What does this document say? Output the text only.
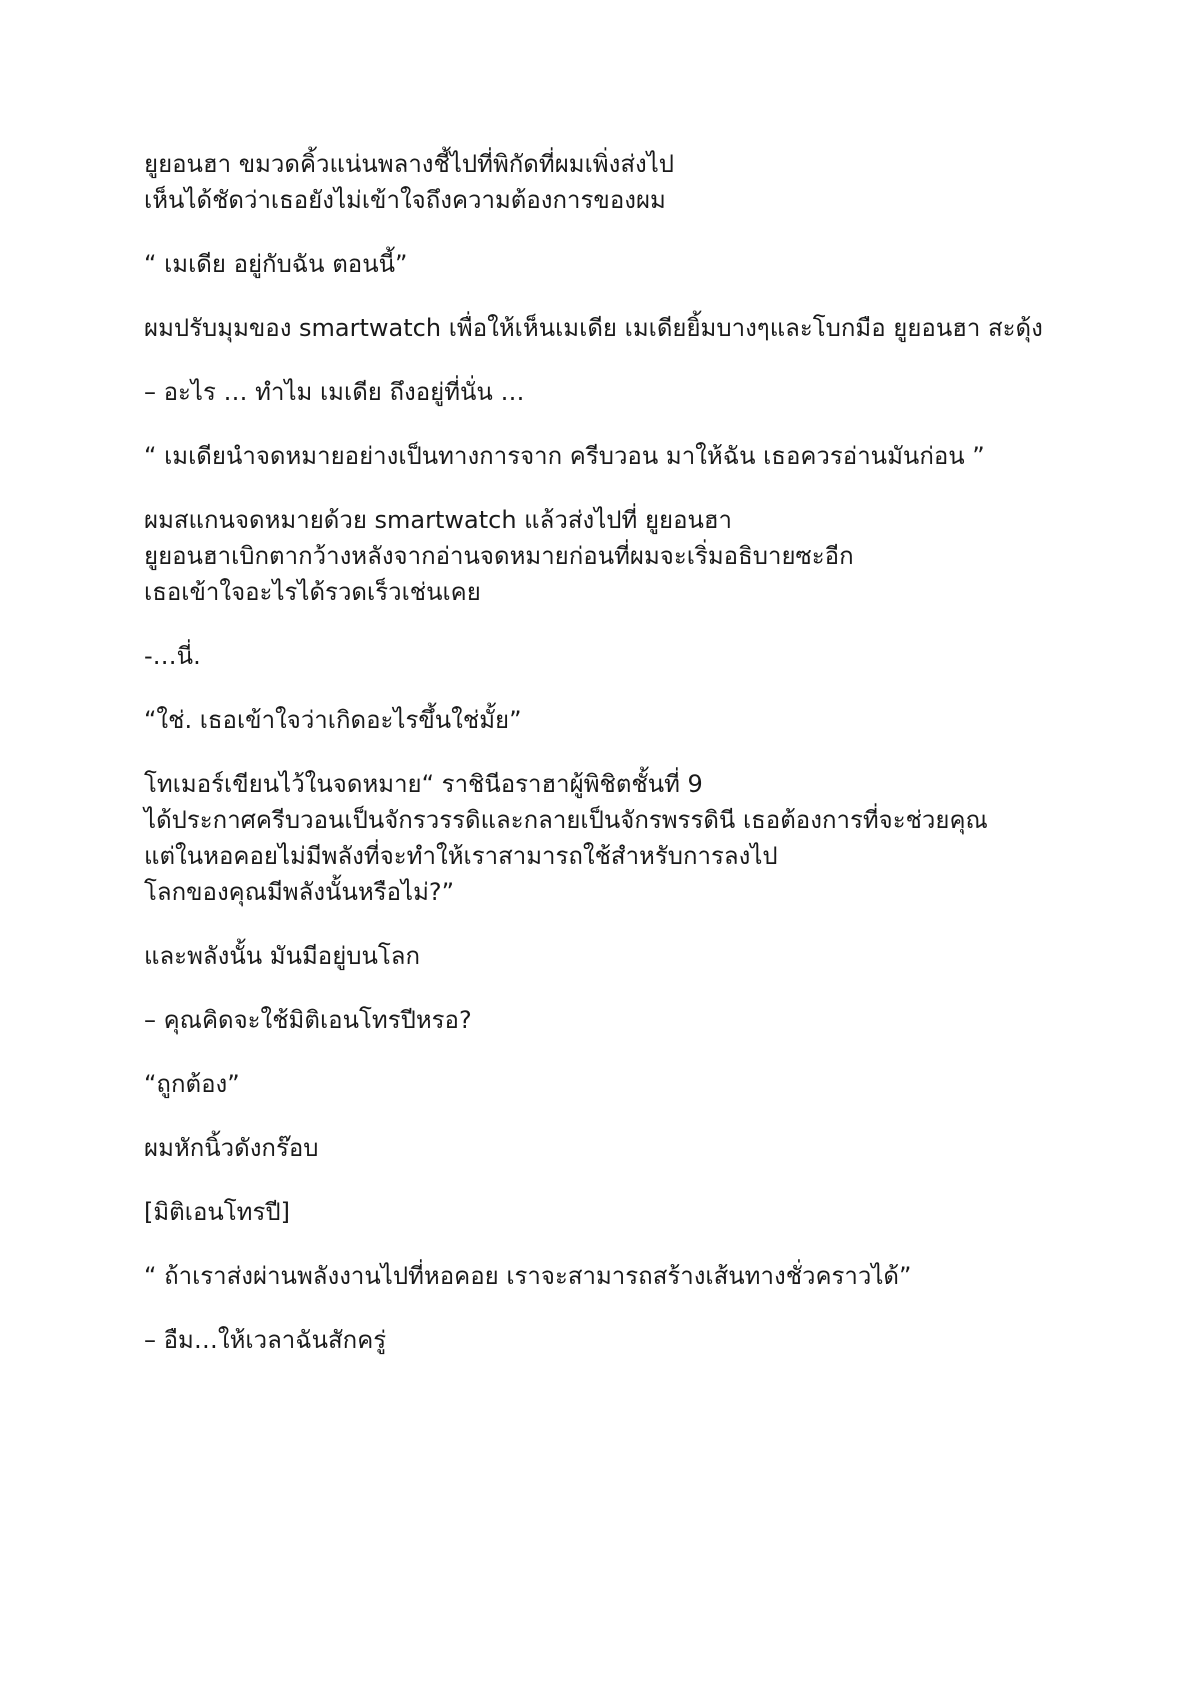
ยูยอนฮา ขมวดคิ้วแน่นพลางชี้ไปที่พิกัดที่ผมเพิ่งส่งไป
เห็นได้ชัดว่าเธอยังไม่เข้าใจถึงความต้องการของผม

“ เมเดีย อยู่กับฉัน ตอนนี้”

ผมปรับมุมของ smartwatch เพื่อให้เห็นเมเดีย เมเดียยิ้มบางๆและโบกมือ ยูยอนฮา สะดุ้ง

– อะไร … ทำไม เมเดีย ถึงอยู่ที่นั่น …

“ เมเดียนำจดหมายอย่างเป็นทางการจาก ครีบวอน มาให้ฉัน เธอควรอ่านมันก่อน ”

ผมสแกนจดหมายด้วย smartwatch แล้วส่งไปที่ ยูยอนฮา
ยูยอนฮาเบิกตากว้างหลังจากอ่านจดหมายก่อนที่ผมจะเริ่มอธิบายซะอีก
เธอเข้าใจอะไรได้รวดเร็วเช่นเคย

-…นี่.

“ใช่. เธอเข้าใจว่าเกิดอะไรขึ้นใช่มั้ย”

โทเมอร์เขียนไว้ในจดหมาย“ ราชินีอราฮาผู้พิชิตชั้นที่ 9
ได้ประกาศครีบวอนเป็นจักรวรรดิและกลายเป็นจักรพรรดินี เธอต้องการที่จะช่วยคุณ
แต่ในหอคอยไม่มีพลังที่จะทำให้เราสามารถใช้สำหรับการลงไป
โลกของคุณมีพลังนั้นหรือไม่?”

และพลังนั้น มันมีอยู่บนโลก

– คุณคิดจะใช้มิติเอนโทรปีหรอ?

“ถูกต้อง”

ผมหักนิ้วดังกร๊อบ

[มิติเอนโทรปี]

“ ถ้าเราส่งผ่านพลังงานไปที่หอคอย เราจะสามารถสร้างเส้นทางชั่วคราวได้”

– อืม…ให้เวลาฉันสักครู่
